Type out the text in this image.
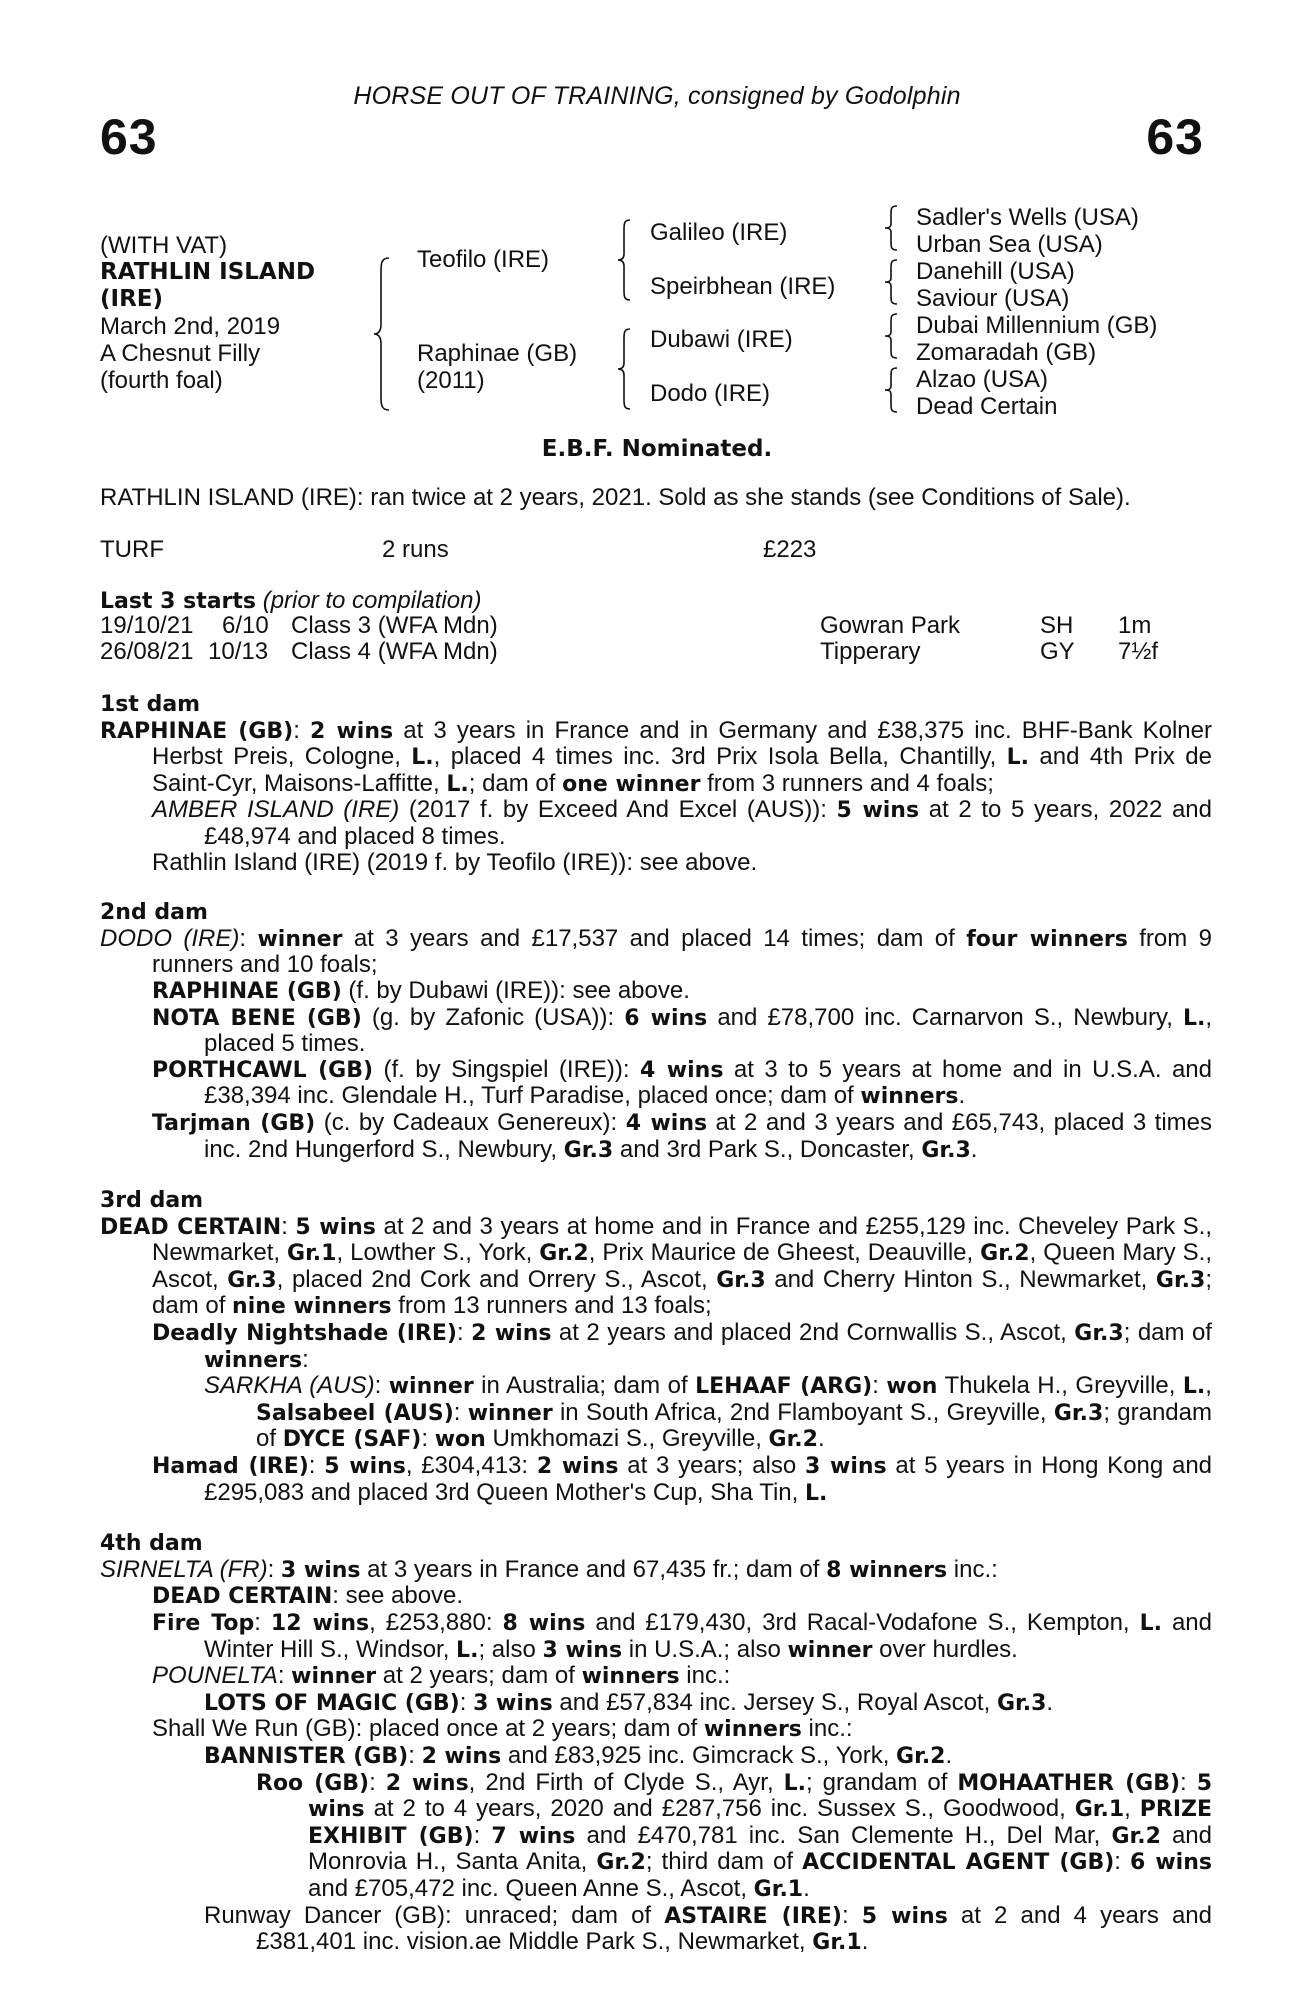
HORSE OUT OF TRAINING, consigned by Godolphin
63	63
(WITH VAT)
RATHLIN ISLAND
(IRE)
March 2nd, 2019
A Chesnut Filly
(fourth foal)
Teofilo (IRE)
Raphinae (GB)
(2011)
Galileo (IRE)
Speirbhean (IRE)
Dubawi (IRE)
Dodo (IRE)
Sadler's Wells (USA)
Urban Sea (USA)
Danehill (USA)
Saviour (USA)
Dubai Millennium (GB)
Zomaradah (GB)
Alzao (USA)
Dead Certain
E.B.F. Nominated.
RATHLIN ISLAND (IRE): ran twice at 2 years, 2021. Sold as she stands (see Conditions of Sale).
TURF	2 runs	£223
Last 3 starts (prior to compilation)
19/10/21 6/10 Class 3 (WFA Mdn)	Gowran Park	SH 1m
26/08/21 10/13 Class 4 (WFA Mdn)	Tipperary	GY 7½f

1st dam

RAPHINAE (GB): 2 wins at 3 years in France and in Germany and £38,375 inc. BHF-Bank Kolner Herbst Preis, Cologne, L., placed 4 times inc. 3rd Prix Isola Bella, Chantilly, L. and 4th Prix de Saint-Cyr, Maisons-Laffitte, L.; dam of one winner from 3 runners and 4 foals;

AMBER ISLAND (IRE) (2017 f. by Exceed And Excel (AUS)): 5 wins at 2 to 5 years, 2022 and £48,974 and placed 8 times.

Rathlin Island (IRE) (2019 f. by Teofilo (IRE)): see above.

2nd dam

DODO (IRE): winner at 3 years and £17,537 and placed 14 times; dam of four winners from 9 runners and 10 foals;

RAPHINAE (GB) (f. by Dubawi (IRE)): see above.

NOTA BENE (GB) (g. by Zafonic (USA)): 6 wins and £78,700 inc. Carnarvon S., Newbury, L., placed 5 times.

PORTHCAWL (GB) (f. by Singspiel (IRE)): 4 wins at 3 to 5 years at home and in U.S.A. and £38,394 inc. Glendale H., Turf Paradise, placed once; dam of winners.

Tarjman (GB) (c. by Cadeaux Genereux): 4 wins at 2 and 3 years and £65,743, placed 3 times inc. 2nd Hungerford S., Newbury, Gr.3 and 3rd Park S., Doncaster, Gr.3.

3rd dam

DEAD CERTAIN: 5 wins at 2 and 3 years at home and in France and £255,129 inc. Cheveley Park S., Newmarket, Gr.1, Lowther S., York, Gr.2, Prix Maurice de Gheest, Deauville, Gr.2, Queen Mary S., Ascot, Gr.3, placed 2nd Cork and Orrery S., Ascot, Gr.3 and Cherry Hinton S., Newmarket, Gr.3; dam of nine winners from 13 runners and 13 foals;

Deadly Nightshade (IRE): 2 wins at 2 years and placed 2nd Cornwallis S., Ascot, Gr.3; dam of winners:

SARKHA (AUS): winner in Australia; dam of LEHAAF (ARG): won Thukela H., Greyville, L., Salsabeel (AUS): winner in South Africa, 2nd Flamboyant S., Greyville, Gr.3; grandam of DYCE (SAF): won Umkhomazi S., Greyville, Gr.2.

Hamad (IRE): 5 wins, £304,413: 2 wins at 3 years; also 3 wins at 5 years in Hong Kong and £295,083 and placed 3rd Queen Mother's Cup, Sha Tin, L.

4th dam

SIRNELTA (FR): 3 wins at 3 years in France and 67,435 fr.; dam of 8 winners inc.:

DEAD CERTAIN: see above.

Fire Top: 12 wins, £253,880: 8 wins and £179,430, 3rd Racal-Vodafone S., Kempton, L. and Winter Hill S., Windsor, L.; also 3 wins in U.S.A.; also winner over hurdles.

POUNELTA: winner at 2 years; dam of winners inc.:

LOTS OF MAGIC (GB): 3 wins and £57,834 inc. Jersey S., Royal Ascot, Gr.3.

Shall We Run (GB): placed once at 2 years; dam of winners inc.:

BANNISTER (GB): 2 wins and £83,925 inc. Gimcrack S., York, Gr.2.

Roo (GB): 2 wins, 2nd Firth of Clyde S., Ayr, L.; grandam of MOHAATHER (GB): 5 wins at 2 to 4 years, 2020 and £287,756 inc. Sussex S., Goodwood, Gr.1, PRIZE EXHIBIT (GB): 7 wins and £470,781 inc. San Clemente H., Del Mar, Gr.2 and Monrovia H., Santa Anita, Gr.2; third dam of ACCIDENTAL AGENT (GB): 6 wins and £705,472 inc. Queen Anne S., Ascot, Gr.1.

Runway Dancer (GB): unraced; dam of ASTAIRE (IRE): 5 wins at 2 and 4 years and £381,401 inc. vision.ae Middle Park S., Newmarket, Gr.1.
